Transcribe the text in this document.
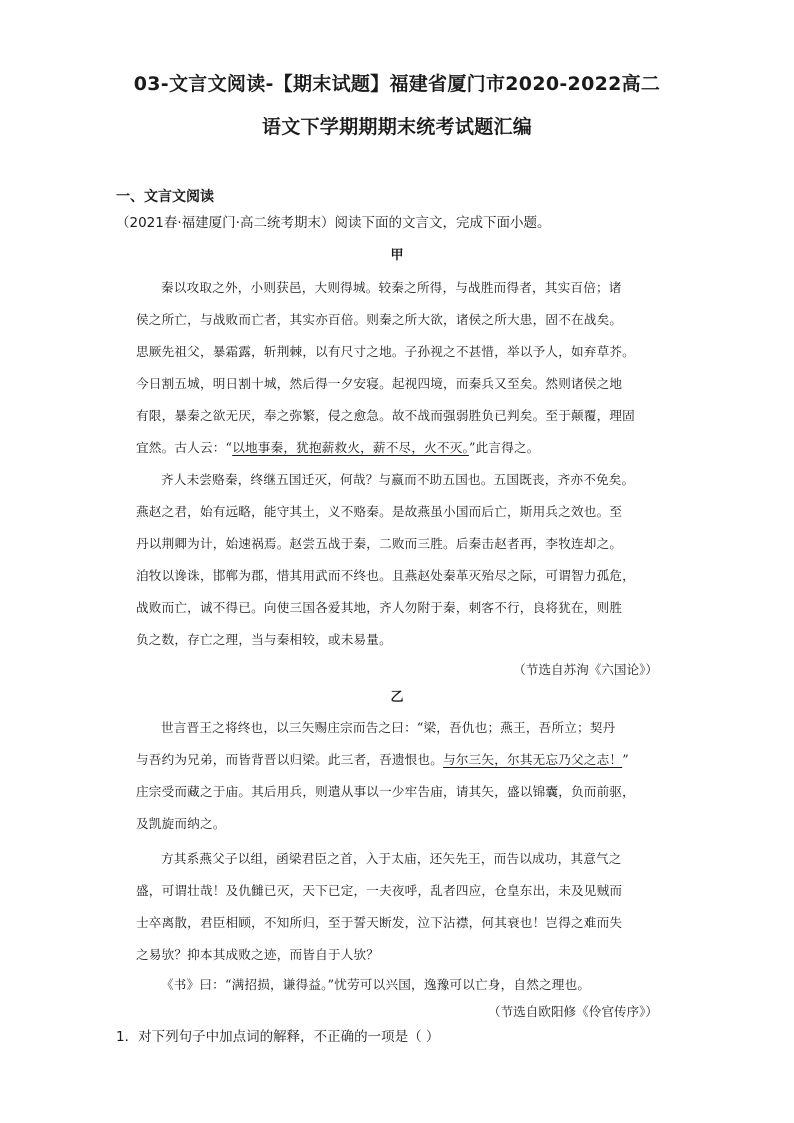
03-文言文阅读-【期末试题】福建省厦门市2020-2022高二
语文下学期期期末统考试题汇编
一、文言文阅读
（2021春·福建厦门·高二统考期末）阅读下面的文言文，完成下面小题。
甲
秦以攻取之外，小则获邑，大则得城。较秦之所得，与战胜而得者，其实百倍；诸
侯之所亡，与战败而亡者，其实亦百倍。则秦之所大欲，诸侯之所大患，固不在战矣。
思厥先祖父，暴霜露，斩荆棘，以有尺寸之地。子孙视之不甚惜，举以予人，如弃草芥。
今日割五城，明日割十城，然后得一夕安寝。起视四境，而秦兵又至矣。然则诸侯之地
有限，暴秦之欲无厌，奉之弥繁，侵之愈急。故不战而强弱胜负已判矣。至于颠覆，理固
宜然。古人云：“以地事秦，犹抱薪救火，薪不尽，火不灭。”此言得之。
齐人未尝赂秦，终继五国迁灭，何哉？与嬴而不助五国也。五国既丧，齐亦不免矣。
燕赵之君，始有远略，能守其土，义不赂秦。是故燕虽小国而后亡，斯用兵之效也。至
丹以荆卿为计，始速祸焉。赵尝五战于秦，二败而三胜。后秦击赵者再，李牧连却之。
洎牧以谗诛，邯郸为郡，惜其用武而不终也。且燕赵处秦革灭殆尽之际，可谓智力孤危，
战败而亡，诚不得已。向使三国各爱其地，齐人勿附于秦，刺客不行，良将犹在，则胜
负之数，存亡之理，当与秦相较，或未易量。
（节选自苏洵《六国论》）
乙
世言晋王之将终也，以三矢赐庄宗而告之曰：“梁，吾仇也；燕王，吾所立；契丹
与吾约为兄弟，而皆背晋以归梁。此三者，吾遗恨也。与尔三矢，尔其无忘乃父之志！”
庄宗受而藏之于庙。其后用兵，则遣从事以一少牢告庙，请其矢，盛以锦囊，负而前驱，
及凯旋而纳之。
方其系燕父子以组，函梁君臣之首，入于太庙，还矢先王，而告以成功，其意气之
盛，可谓壮哉！及仇雠已灭，天下已定，一夫夜呼，乱者四应，仓皇东出，未及见贼而
士卒离散，君臣相顾，不知所归，至于誓天断发，泣下沾襟，何其衰也！岂得之难而失
之易欤？抑本其成败之迹，而皆自于人欤？
《书》曰：“满招损，谦得益。”忧劳可以兴国，逸豫可以亡身，自然之理也。
（节选自欧阳修《伶官传序》）
1．对下列句子中加点词的解释，不正确的一项是（ ）
